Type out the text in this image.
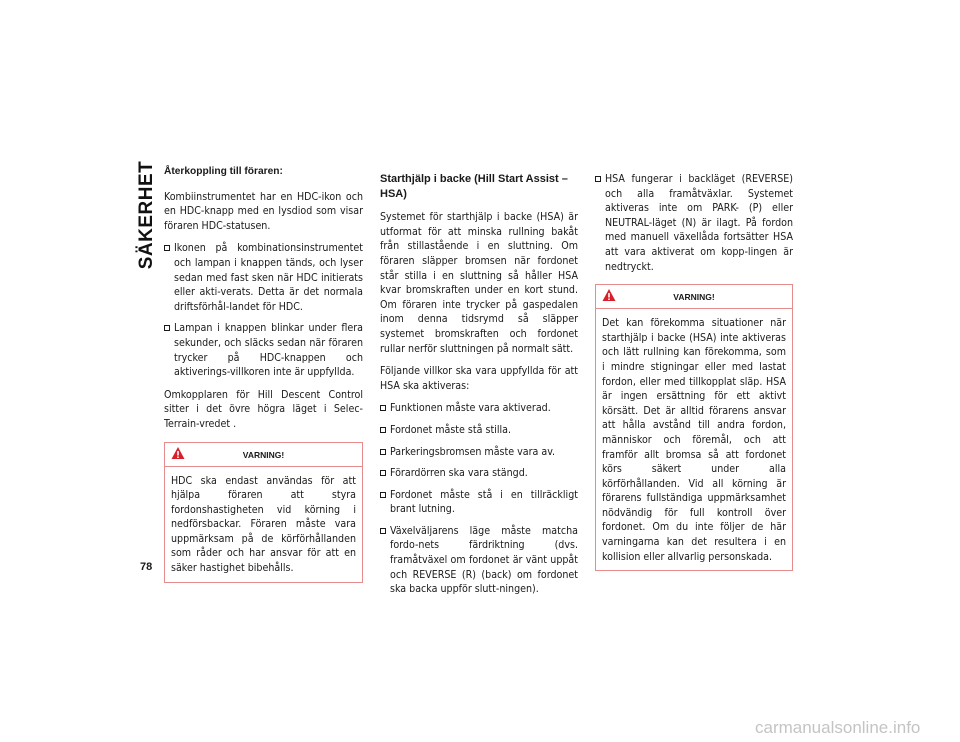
SÄKERHET
78
Återkoppling till föraren:

Kombiinstrumentet har en HDC-ikon och en HDC-knapp med en lysdiod som visar föraren HDC-statusen.

Ikonen på kombinationsinstrumentet och lampan i knappen tänds, och lyser sedan med fast sken när HDC initierats eller akti-verats. Detta är det normala driftsförhål-landet för HDC.
Lampan i knappen blinkar under flera sekunder, och släcks sedan när föraren trycker på HDC-knappen och aktiverings-villkoren inte är uppfyllda.

Omkopplaren för Hill Descent Control sitter i det övre högra läget i Selec-Terrain-vredet .

VARNING!
HDC ska endast användas för att hjälpa föraren att styra fordonshastigheten vid körning i nedförsbackar. Föraren måste vara uppmärksam på de körförhållanden som råder och har ansvar för att en säker hastighet bibehålls.
Starthjälp i backe (Hill Start Assist – HSA)

Systemet för starthjälp i backe (HSA) är utformat för att minska rullning bakåt från stillastående i en sluttning. Om föraren släpper bromsen när fordonet står stilla i en sluttning så håller HSA kvar bromskraften under en kort stund. Om föraren inte trycker på gaspedalen inom denna tidsrymd så släpper systemet bromskraften och fordonet rullar nerför sluttningen på normalt sätt.

Följande villkor ska vara uppfyllda för att HSA ska aktiveras:

Funktionen måste vara aktiverad.
Fordonet måste stå stilla.
Parkeringsbromsen måste vara av.
Förardörren ska vara stängd.
Fordonet måste stå i en tillräckligt brant lutning.
Växelväljarens läge måste matcha fordo-nets färdriktning (dvs. framåtväxel om fordonet är vänt uppåt och REVERSE (R) (back) om fordonet ska backa uppför slutt-ningen).
HSA fungerar i backläget (REVERSE) och alla framåtväxlar. Systemet aktiveras inte om PARK- (P) eller NEUTRAL-läget (N) är ilagt. På fordon med manuell växellåda fortsätter HSA att vara aktiverat om kopp-lingen är nedtryckt.
VARNING!
Det kan förekomma situationer när starthjälp i backe (HSA) inte aktiveras och lätt rullning kan förekomma, som i mindre stigningar eller med lastat fordon, eller med tillkopplat släp. HSA är ingen ersättning för ett aktivt körsätt. Det är alltid förarens ansvar att hålla avstånd till andra fordon, människor och föremål, och att framför allt bromsa så att fordonet körs säkert under alla körförhållanden. Vid all körning är förarens fullständiga uppmärksamhet nödvändig för full kontroll över fordonet. Om du inte följer de här varningarna kan det resultera i en kollision eller allvarlig personskada.
carmanualsonline.info
